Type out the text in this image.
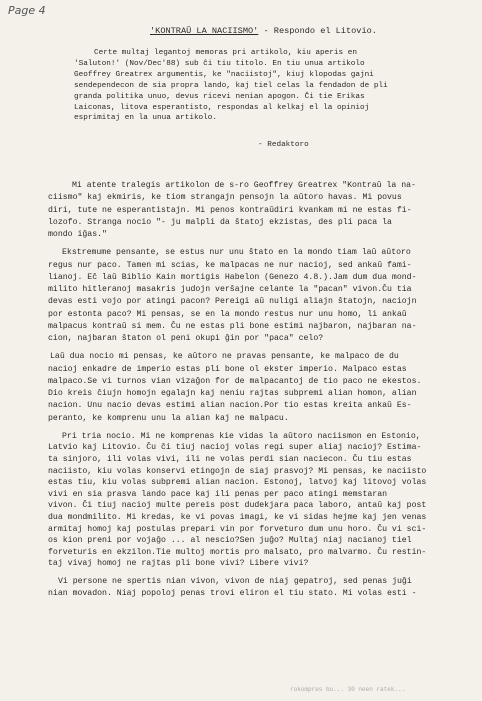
Page 4
'KONTRAŬ LA NACIISMO' - Respondo el Litovio.
Certe multaj legantoj memoras pri artikolo, kiu aperis en
'Saluton!' (Nov/Dec'88) sub ĉi tiu titolo. En tiu unua artikolo
Geoffrey Greatrex argumentis, ke "naciistoj", kiuj klopodas gajni
sendependecon de sia propra lando, kaj tiel celas la fendadon de pli
granda politika unuo, devus ricevi nenian apogon. Ĉi tie Erikas
Laiconas, litova esperantisto, respondas al kelkaj el la opinioj
esprimitaj en la unua artikolo.
- Redaktoro
Mi atente tralegis artikolon de s-ro Geoffrey Greatrex "Kontraŭ la na-
ciismo" kaj ekmiris, ke tiom strangajn pensojn la aŭtoro havas. Mi povus
diri, tute ne esperantistajn. Mi penos kontraŭdiri kvankam mi ne estas fi-
lozofo. Stranga nocio "- ju malpli da ŝtatoj ekzistas, des pli paca la
mondo iĝas."
Ekstremume pensante, se estus nur unu ŝtato en la mondo tiam laŭ aŭtoro
regus nur paco. Tamen mi scias, ke malpacas ne nur nacioj, sed ankaŭ fami-
lianoj. Eĉ laŭ Biblio Kain mortigis Habelon (Genezo 4.8.).Jam dum dua mond-
milito hitleranoj masakris judojn verŝajne celante la "pacan" vivon.Ĉu tia
devas esti vojo por atingi pacon? Pereigi aŭ nuligi aliajn ŝtatojn, naciojn
por estonta paco? Mi pensas, se en la mondo restus nur unu homo, li ankaŭ
malpacus kontraŭ si mem. Ĉu ne estas pli bone estimi najbaron, najbaran na-
cion, najbaran ŝtaton ol peni okupi ĝin por "paca" celo?
Laŭ dua nocio mi pensas, ke aŭtoro ne pravas pensante, ke malpaco de du
nacioj enkadre de imperio estas pli bone ol ekster imperio. Malpaco estas
malpaco.Se vi turnos vian vizaĝon for de malpacantoj de tio paco ne ekestos.
Dio kreis ĉiujn homojn egalajn kaj neniu rajtas subpremi alian homon, alian
nacion. Unu nacio devas estimi alian nacion.Por tio estas kreita ankaŭ Es-
peranto, ke komprenu unu la alian kaj ne malpacu.
Pri tria nocio. Mi ne komprenas kie vidas la aŭtoro naciismon en Estonio,
Latvio kaj Litovio. Ĉu ĉi tiuj nacioj volas regi super aliaj nacioj? Estima-
ta sinjoro, ili volas vivi, ili ne volas perdi sian naciecon. Ĉu tiu estas
naciisto, kiu volas konservi etingojn de siaj prasvoj? Mi pensas, ke naciisto
estas tiu, kiu volas subpremi alian nacion. Estonoj, latvoj kaj litovoj volas
vivi en sia prasva lando pace kaj ili penas per paco atingi memstaran
vivon. Ĉi tiuj nacioj multe pereis post dudekjara paca laboro, antaŭ kaj post
dua mondmilito. Mi kredas, ke vi povas imagi, ke vi sidas hejme kaj jen venas
armitaj homoj kaj postulas prepari vin por forveturo dum unu horo. Ĉu vi sci-
os kion preni por vojaĝo ... al nescio?Sen juĝo? Multaj niaj nacianoj tiel
forveturis en ekzilon.Tie multoj mortis pro malsato, pro malvarmo. Ĉu restin-
taj vivaj homoj ne rajtas pli bone vivi? Libere vivi?
Vi persone ne spertis nian vivon, vivon de niaj gepatroj, sed penas juĝi
nian movadon. Niaj popoloj penas trovi eliron el tiu stato. Mi volas esti -
rokompres bu... 30 neen ratek...
